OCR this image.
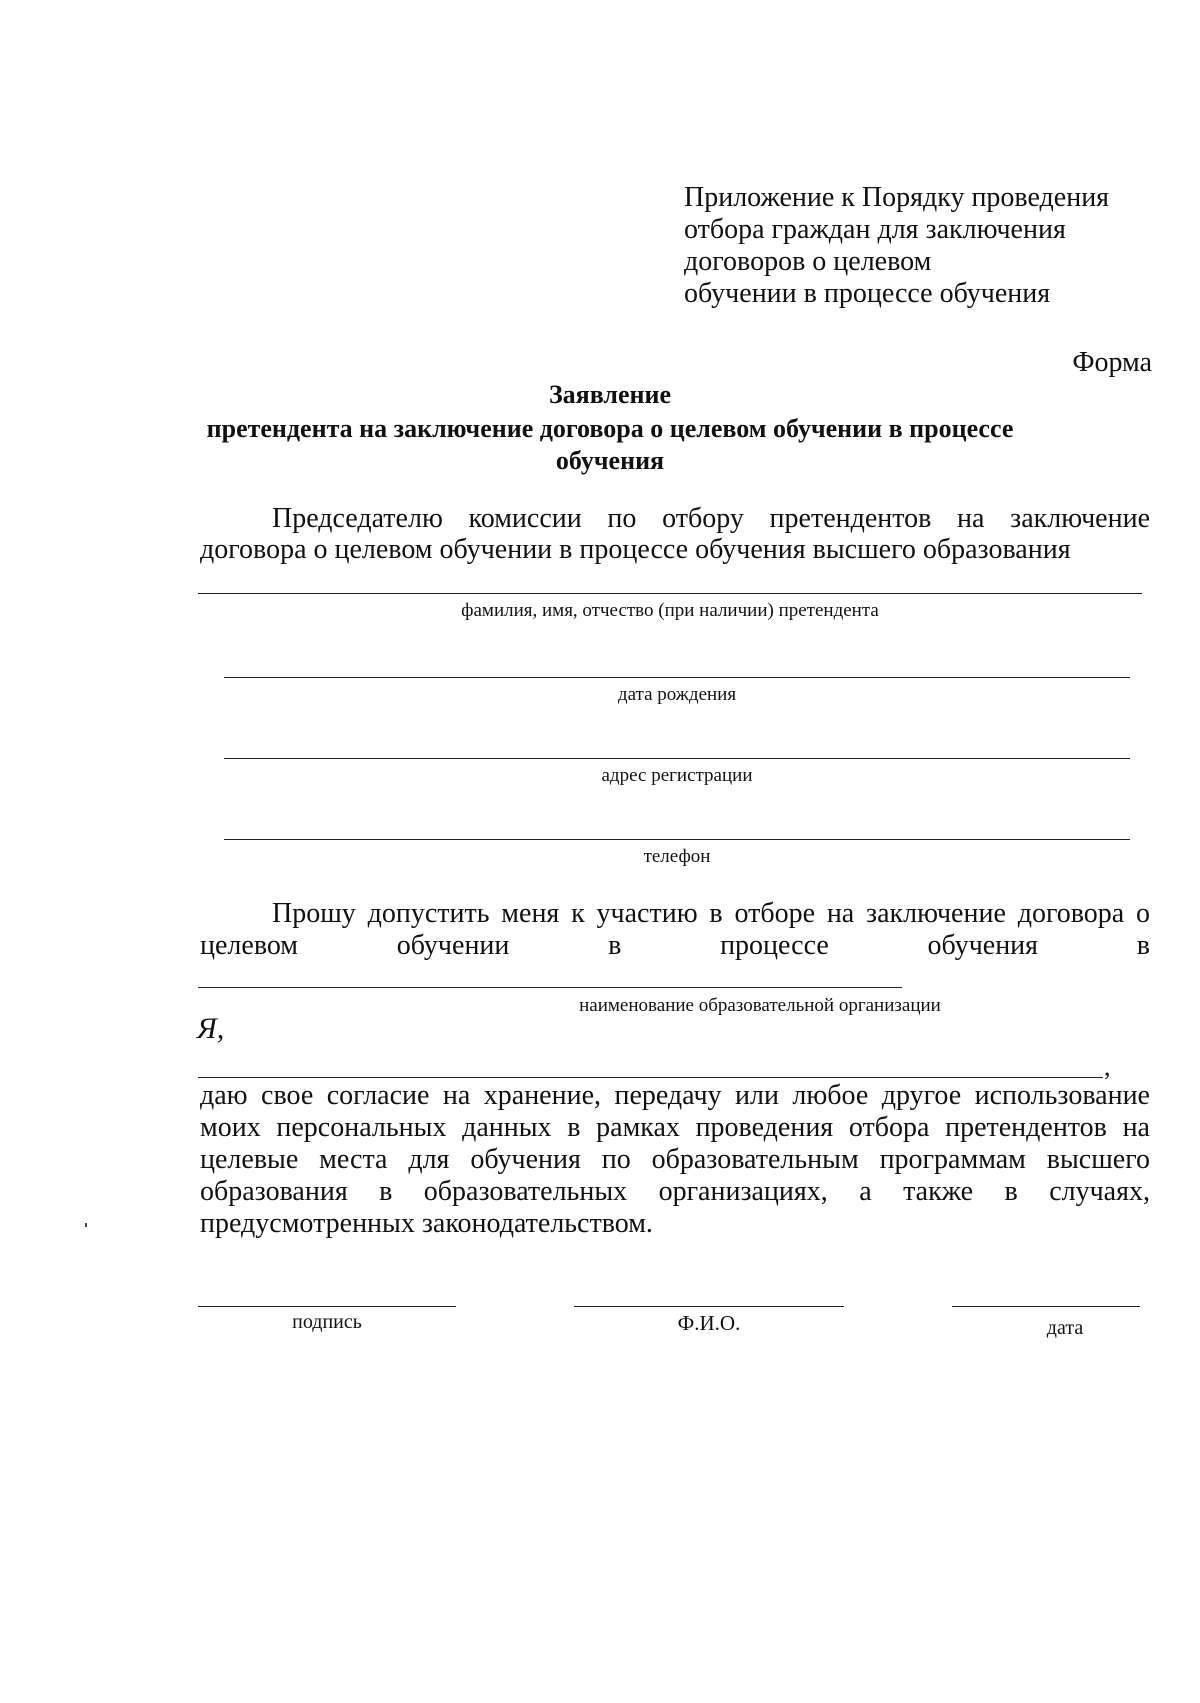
Приложение к Порядку проведения
отбора граждан для заключения
договоров о целевом
обучении в процессе обучения
Форма
Заявление
претендента на заключение договора о целевом обучении в процессе
обучения
Председателю комиссии по отбору претендентов на заключение
договора о целевом обучении в процессе обучения высшего образования
фамилия, имя, отчество (при наличии) претендента
дата рождения
адрес регистрации
телефон
Прошу допустить меня к участию в отборе на заключение договора о
целевом обучении в процессе обучения в
наименование образовательной организации
Я,
,
даю свое согласие на хранение, передачу или любое другое использование
моих персональных данных в рамках проведения отбора претендентов на
целевые места для обучения по образовательным программам высшего
образования в образовательных организациях, а также в случаях,
предусмотренных законодательством.
подпись	Ф.И.О.	дата
